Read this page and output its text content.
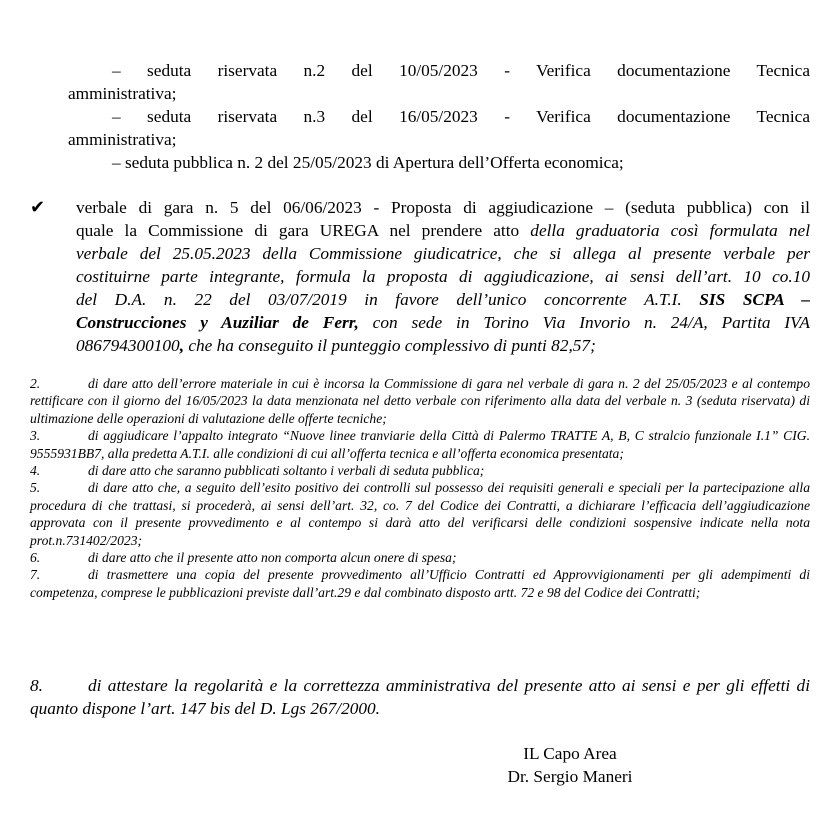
– seduta riservata n.2 del 10/05/2023 - Verifica documentazione Tecnica
amministrativa;
– seduta riservata n.3 del 16/05/2023 - Verifica documentazione Tecnica
amministrativa;
– seduta pubblica n. 2 del 25/05/2023 di Apertura dell’Offerta economica;
✔ verbale di gara n. 5 del 06/06/2023 - Proposta di aggiudicazione – (seduta pubblica) con il
quale la Commissione di gara UREGA nel prendere atto della graduatoria così formulata nel
verbale del 25.05.2023 della Commissione giudicatrice, che si allega al presente verbale per
costituirne parte integrante, formula la proposta di aggiudicazione, ai sensi dell’art. 10 co.10
del D.A. n. 22 del 03/07/2019 in favore dell’unico concorrente A.T.I. SIS SCPA –
Construcciones y Auziliar de Ferr, con sede in Torino Via Invorio n. 24/A, Partita IVA
086794300100, che ha conseguito il punteggio complessivo di punti 82,57;
2.	di dare atto dell’errore materiale in cui è incorsa la Commissione di gara nel verbale di gara n. 2 del 25/05/2023 e al contempo rettificare con il giorno del 16/05/2023 la data menzionata nel detto verbale con riferimento alla data del verbale n. 3 (seduta riservata) di ultimazione delle operazioni di valutazione delle offerte tecniche;
3.	di aggiudicare l’appalto integrato “Nuove linee tranviarie della Città di Palermo TRATTE A, B, C stralcio funzionale I.1” CIG. 9555931BB7, alla predetta A.T.I. alle condizioni di cui all’offerta tecnica e all’offerta economica presentata;
4.	di dare atto che saranno pubblicati soltanto i verbali di seduta pubblica;
5.	di dare atto che, a seguito dell’esito positivo dei controlli sul possesso dei requisiti generali e speciali per la partecipazione alla procedura di che trattasi, si procederà, ai sensi dell’art. 32, co. 7 del Codice dei Contratti, a dichiarare l’efficacia dell’aggiudicazione approvata con il presente provvedimento e al contempo si darà atto del verificarsi delle condizioni sospensive indicate nella nota prot.n.731402/2023;
6.	di dare atto che il presente atto non comporta alcun onere di spesa;
7.	di trasmettere una copia del presente provvedimento all’Ufficio Contratti ed Approvvigionamenti per gli adempimenti di competenza, comprese le pubblicazioni previste dall’art.29 e dal combinato disposto artt. 72 e 98 del Codice dei Contratti;
8.	di attestare la regolarità e la correttezza amministrativa del presente atto ai sensi e per gli effetti di quanto dispone l’art. 147 bis del D. Lgs 267/2000.
IL Capo Area
Dr. Sergio Maneri
